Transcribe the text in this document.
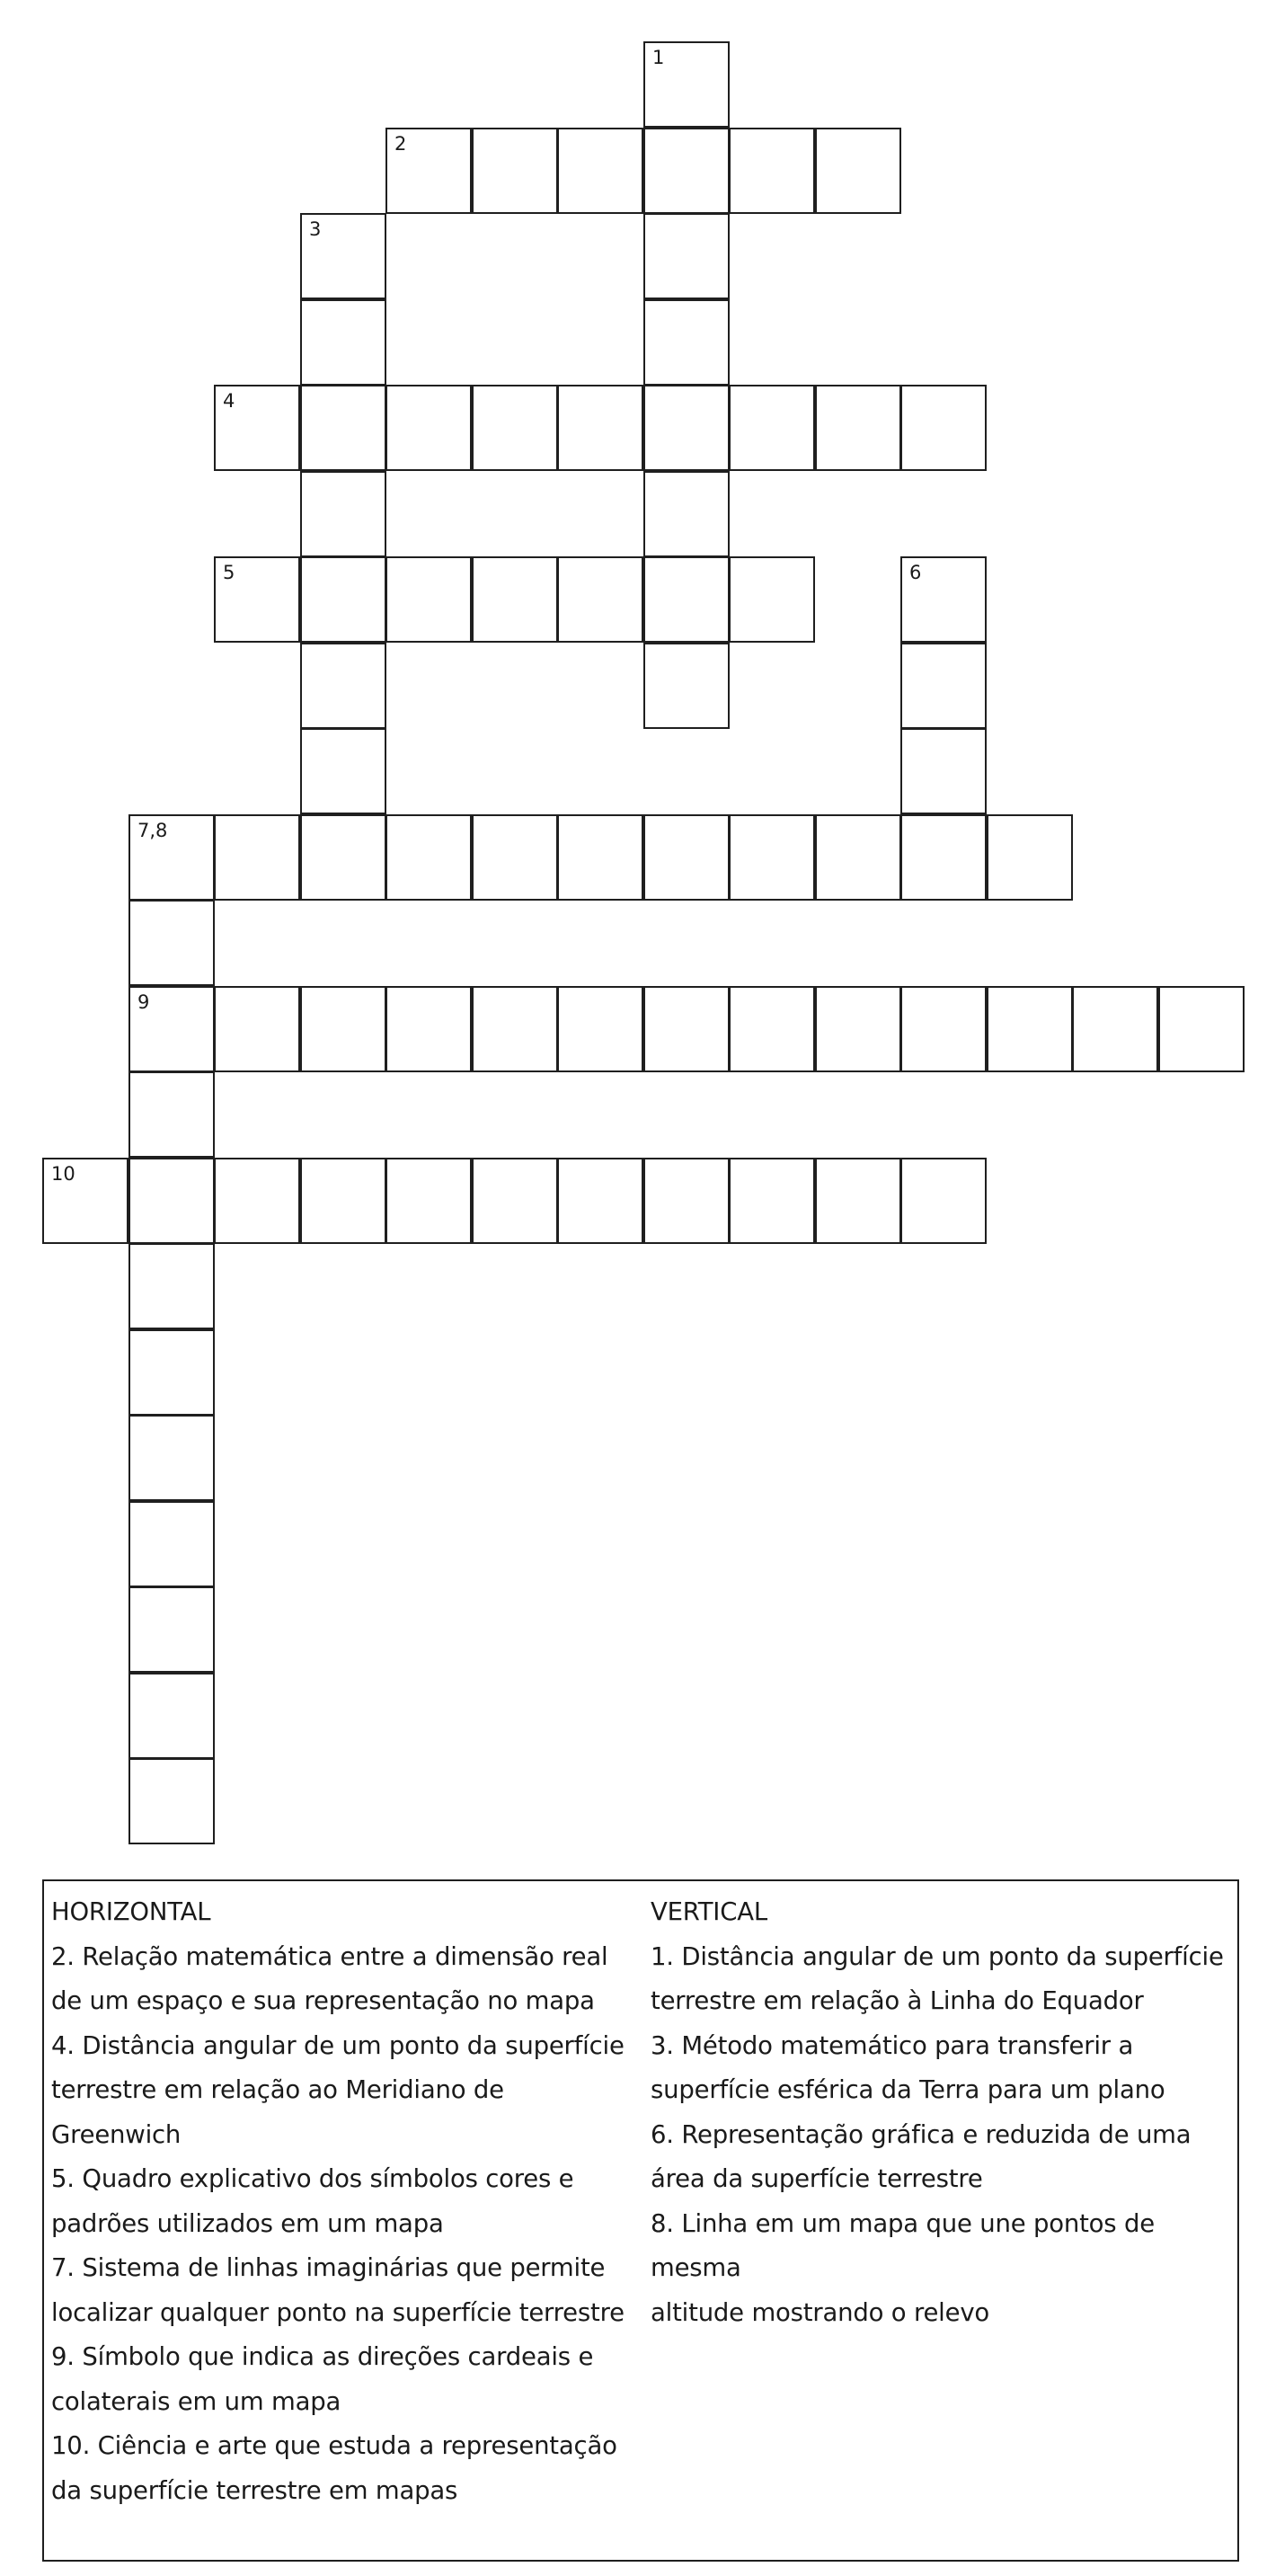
1
2
3
4
5	6
7,8
9
10
HORIZONTAL
2. Relação matemática entre a dimensão real
de um espaço e sua representação no mapa
4. Distância angular de um ponto da superfície
terrestre em relação ao Meridiano de
Greenwich
5. Quadro explicativo dos símbolos cores e
padrões utilizados em um mapa
7. Sistema de linhas imaginárias que permite
localizar qualquer ponto na superfície terrestre
9. Símbolo que indica as direções cardeais e
colaterais em um mapa
10. Ciência e arte que estuda a representação
da superfície terrestre em mapas
VERTICAL
1. Distância angular de um ponto da superfície
terrestre em relação à Linha do Equador
3. Método matemático para transferir a
superfície esférica da Terra para um plano
6. Representação gráfica e reduzida de uma
área da superfície terrestre
8. Linha em um mapa que une pontos de mesma
altitude mostrando o relevo
